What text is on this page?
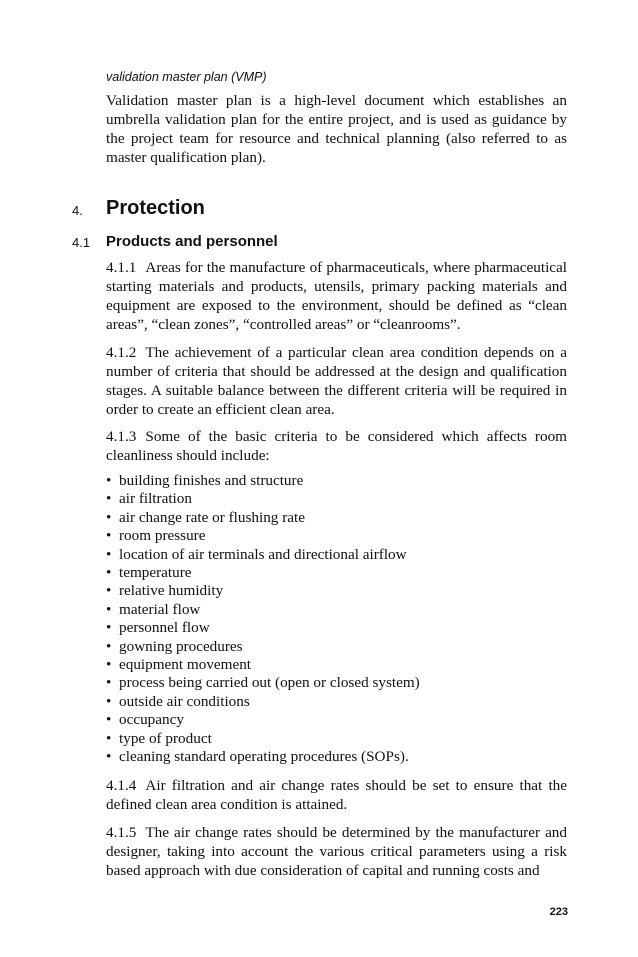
validation master plan (VMP)

Validation master plan is a high-level document which establishes an umbrella validation plan for the entire project, and is used as guidance by the project team for resource and technical planning (also referred to as master qualification plan).

4. Protection

4.1 Products and personnel

4.1.1 Areas for the manufacture of pharmaceuticals, where pharmaceutical starting materials and products, utensils, primary packing materials and equipment are exposed to the environment, should be defined as “clean areas”, “clean zones”, “controlled areas” or “cleanrooms”.

4.1.2 The achievement of a particular clean area condition depends on a number of criteria that should be addressed at the design and qualification stages. A suitable balance between the different criteria will be required in order to create an efficient clean area.

4.1.3 Some of the basic criteria to be considered which affects room cleanliness should include:

• building finishes and structure
• air filtration
• air change rate or flushing rate
• room pressure
• location of air terminals and directional airflow
• temperature
• relative humidity
• material flow
• personnel flow
• gowning procedures
• equipment movement
• process being carried out (open or closed system)
• outside air conditions
• occupancy
• type of product
• cleaning standard operating procedures (SOPs).

4.1.4 Air filtration and air change rates should be set to ensure that the defined clean area condition is attained.

4.1.5 The air change rates should be determined by the manufacturer and designer, taking into account the various critical parameters using a risk based approach with due consideration of capital and running costs and

223
